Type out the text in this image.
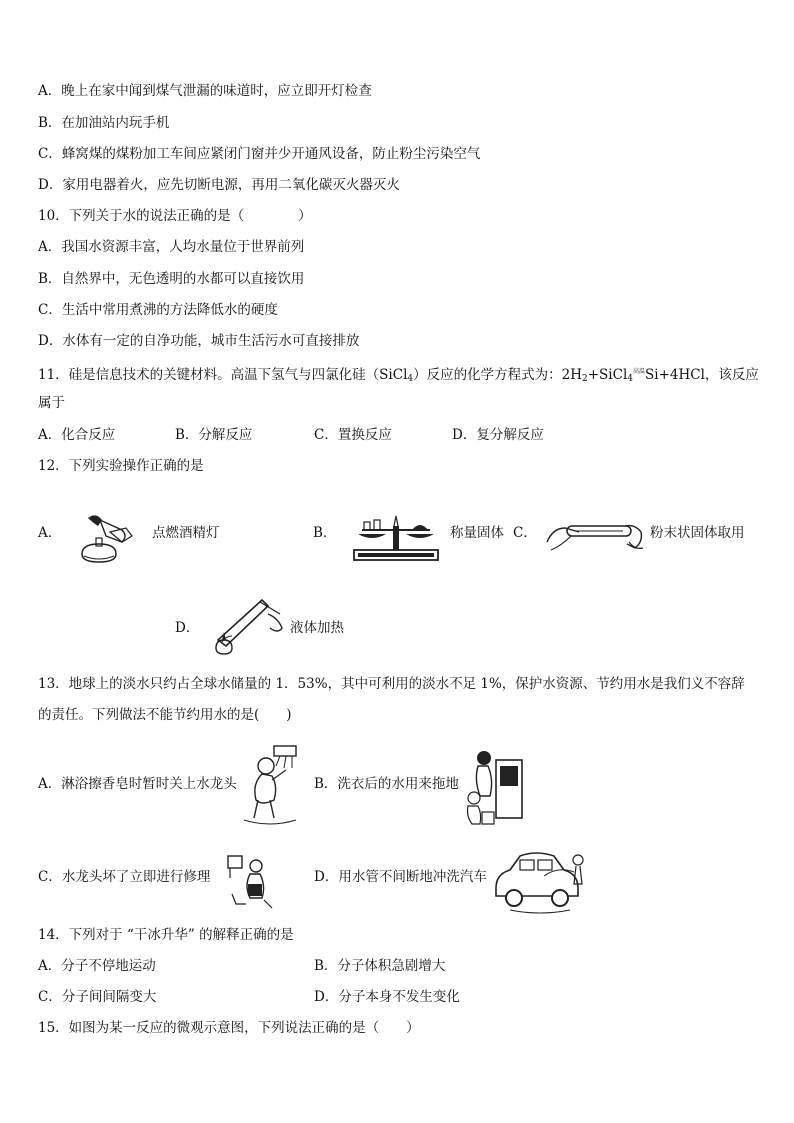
A．晚上在家中闻到煤气泄漏的味道时，应立即开灯检查
B．在加油站内玩手机
C．蜂窝煤的煤粉加工车间应紧闭门窗并少开通风设备，防止粉尘污染空气
D．家用电器着火，应先切断电源，再用二氧化碳灭火器灭火
10．下列关于水的说法正确的是（　　　　）
A．我国水资源丰富，人均水量位于世界前列
B．自然界中，无色透明的水都可以直接饮用
C．生活中常用煮沸的方法降低水的硬度
D．水体有一定的自净功能，城市生活污水可直接排放
11．硅是信息技术的关键材料。高温下氢气与四氯化硅（SiCl$_4$）反应的化学方程式为：$2H_2+SiCl_4^{高温}Si+4HCl$，该反应
属于
A．化合反应	B．分解反应	C．置换反应	D．复分解反应
12．下列实验操作正确的是
A．	点燃酒精灯	B．	称量固体 C．	粉末状固体取用
D．	液体加热
13．地球上的淡水只约占全球水储量的 1．53%，其中可利用的淡水不足 1%，保护水资源、节约用水是我们义不容辞
的责任。下列做法不能节约用水的是(　　)
A．淋浴擦香皂时暂时关上水龙头	B．洗衣后的水用来拖地
C．水龙头坏了立即进行修理	D．用水管不间断地冲洗汽车
14．下列对于 “干冰升华” 的解释正确的是
A．分子不停地运动	B．分子体积急剧增大
C．分子间间隔变大	D．分子本身不发生变化
15．如图为某一反应的微观示意图，下列说法正确的是（　　）
